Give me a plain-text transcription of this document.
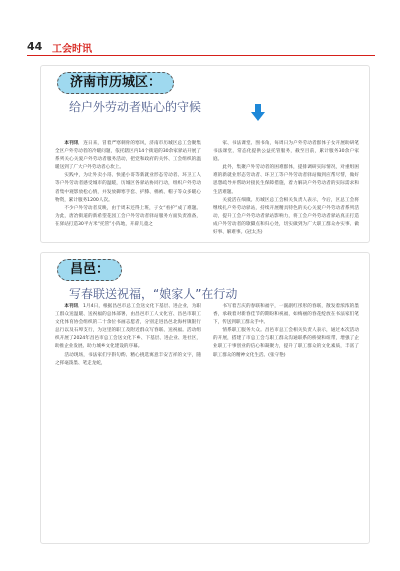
44 工会时讯
济南市历城区：
给户外劳动者贴心的守候

本刊讯  连日来，冒着严寒刺骨的寒风，济南市历城区总工会聚集全区户外劳动者的冷暖问题，依托辖区内14个街道的30余家驿站开展了系列关心关爱户外劳动者服务活动，把党和政府的关怀、工会组织的温暖送到了广大户外劳动者心坎上。

实践中，为让外卖小哥、快递小哥等新就业形态劳动者、环卫工人等户外劳动者感受城市的温暖，历城区各驿站协同行动，组织户外劳动者集中观影放松心情，并发放御寒手套、护膝、棉被、帽子等众多暖心物资，累计服务1200人次。

不少户外劳动者反映，由于周末还得上班，子女“看护”成了难题。为此，唐冶街道的新希望花园工会户外劳动者驿站服务方面负责准备，在驿站打造30平方米“托管”小阵地，开辟儿童之

家、书法课堂、图书角，每周日为户外劳动者群体子女开展助研笔书法课堂，常态化提供公益托管服务，截至目前，累计服务30余户家庭。

此外，集聚户外劳动者的困难群体，提排调研实际情况，对重组困难的新就业形态劳动者、环卫工等户外劳动者驿站做到应帮尽帮，做好思想疏导并帮助对接民生保障措施，着力解决户外劳动者的实际需求和生活难题。

关爱活在细微。历城区总工会相关负责人表示，今后，区总工会将继续扎户外劳动驿站，持续开展精具特色的关心关爱户外劳动者系列活动，提升工会户外劳动者驿站影响力，将工会户外劳动者驿站真正打造成户外劳动者的歇脚点和归心处，切实做到为广大职工群众办实事、做好事、解难事。(冠太杰)

昌邑：
写春联送祝福，“娘家人”在行动

本刊讯  1月4日，根据昌邑市总工会送文化下基层、进企业，为职工群众送温暖、送祝福的总体部署，由昌邑市工人文化宫、昌邑市职工文化体育协会组织的二十余位书画志愿者，分别走进昌邑北海村镇银行总行以及石埠支行，为这里的职工及附近群众写春联、送祝福。活动组织开展了2024年昌邑市总工会送文化下乡、下基层、进企业、进社区，助推企业发展、助力城乡文化建设的序幕。

活动现场，书法家们字斟句酌、精心挑选寓意丰安吉祥的文字，随之挥毫泼墨、笔走龙蛇，

书写着吉庆的春联和福字，一副副红彤彤的春联，散发着浓浓的墨香，承载着对新春佳节的期盼和祝福，如梅丽的春花绽放在书法家们笔下，传送到职工群众手中。

情系职工服务大众。昌邑市总工会相关负责人表示，通过本次活动的开展，搭建了市总工会与职工群众沟通联系的桥梁和纽带，增强了企业职工干事创业的信心和凝聚力，提升了职工群众的文化素质，丰富了职工群众的精神文化生活。(张守艳)
